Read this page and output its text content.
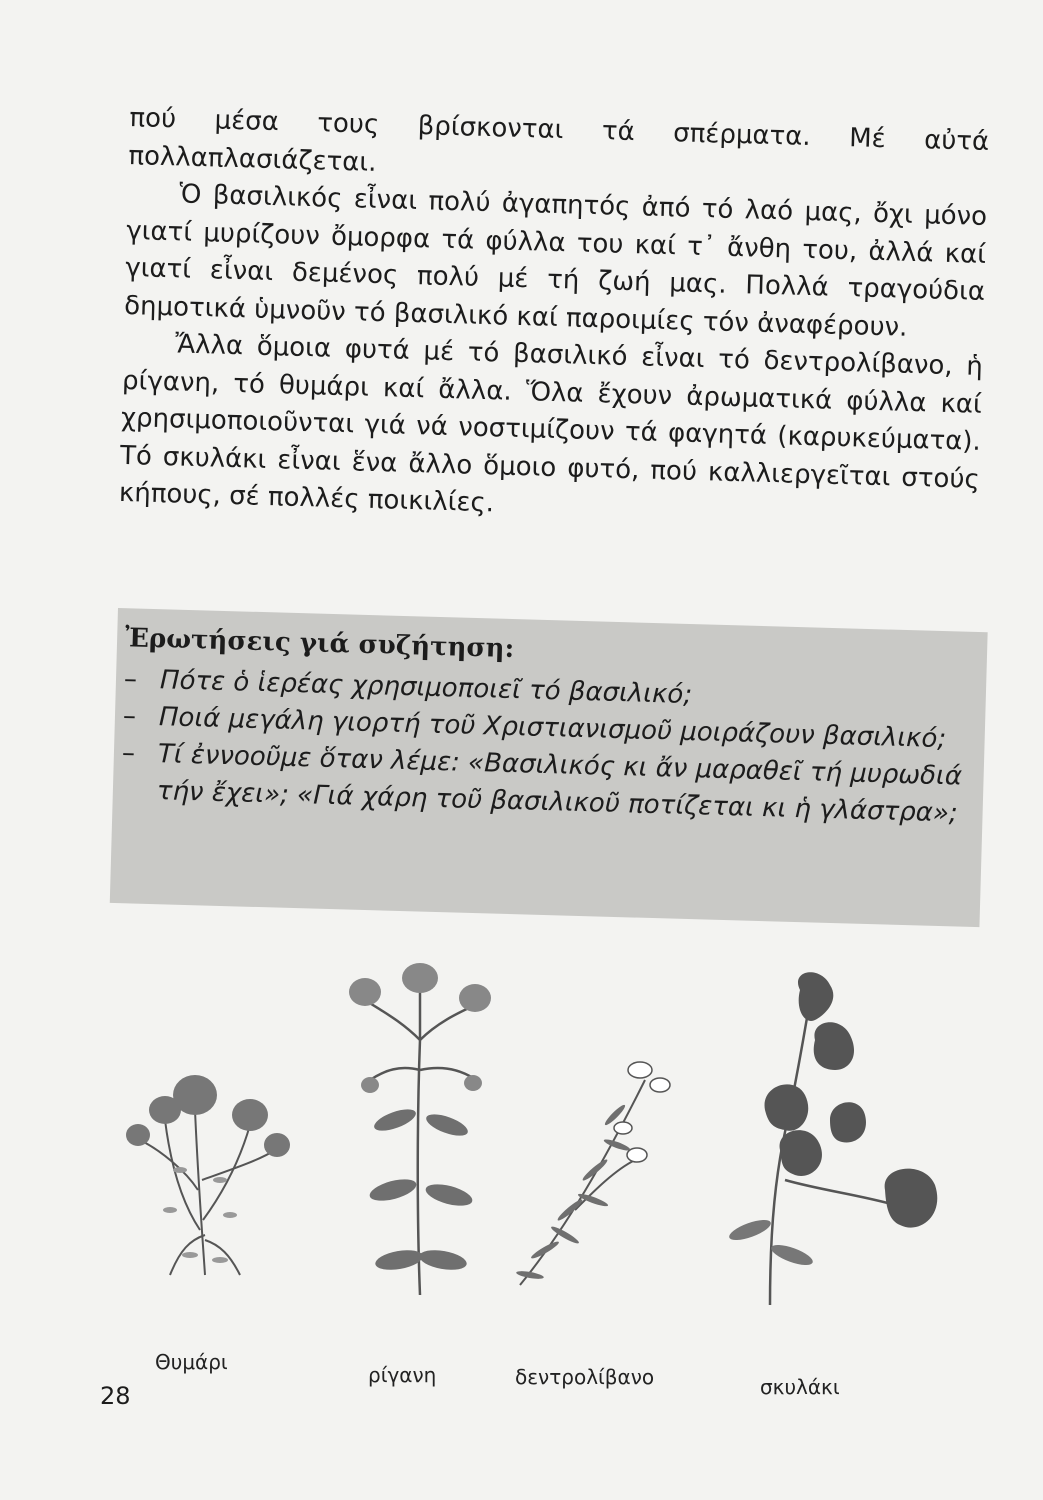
πού μέσα τους βρίσκονται τά σπέρματα. Μέ αὐτά πολλαπλασιάζεται.

Ὁ βασιλικός εἶναι πολύ ἀγαπητός ἀπό τό λαό μας, ὄχι μόνο γιατί μυρίζουν ὄμορφα τά φύλλα του καί τ᾽ ἄνθη του, ἀλλά καί γιατί εἶναι δεμένος πολύ μέ τή ζωή μας. Πολλά τραγούδια δημοτικά ὑμνοῦν τό βασιλικό καί παροιμίες τόν ἀναφέρουν.

Ἄλλα ὅμοια φυτά μέ τό βασιλικό εἶναι τό δεντρολίβανο, ἡ ρίγανη, τό θυμάρι καί ἄλλα. Ὅλα ἔχουν ἀρωματικά φύλλα καί χρησιμοποιοῦνται γιά νά νοστιμίζουν τά φαγητά (καρυκεύματα). Τό σκυλάκι εἶναι ἕνα ἄλλο ὅμοιο φυτό, πού καλλιεργεῖται στούς κήπους, σέ πολλές ποικιλίες.

Ἐρωτήσεις γιά συζήτηση:
– Πότε ὁ ἱερέας χρησιμοποιεῖ τό βασιλικό;
– Ποιά μεγάλη γιορτή τοῦ Χριστιανισμοῦ μοιράζουν βασιλικό;
– Τί ἐννοοῦμε ὅταν λέμε: «Βασιλικός κι ἄν μαραθεῖ τή μυρωδιά τήν ἔχει»; «Γιά χάρη τοῦ βασιλικοῦ ποτίζεται κι ἡ γλάστρα»;
Θυμάρι
ρίγανη	δεντρολίβανο	σκυλάκι
28
